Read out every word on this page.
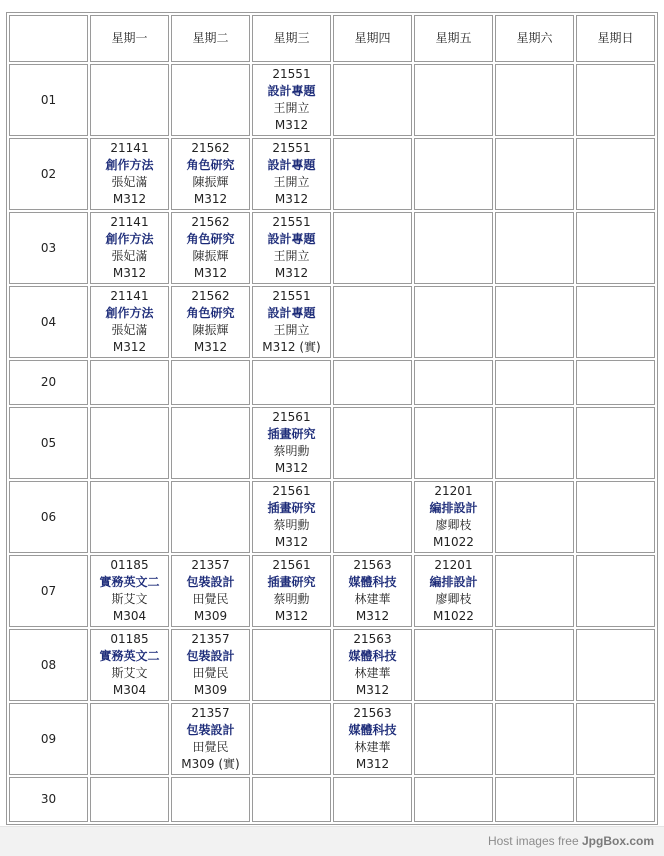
	星期一	星期二	星期三	星期四	星期五	星期六	星期日
01			21551
設計專題
王開立
M312				

02	21141
創作方法
張妃滿
M312	21562
角色研究
陳振輝
M312	21551
設計專題
王開立
M312				

03	21141
創作方法
張妃滿
M312	21562
角色研究
陳振輝
M312	21551
設計專題
王開立
M312				

04	21141
創作方法
張妃滿
M312	21562
角色研究
陳振輝
M312	21551
設計專題
王開立
M312 (實)				

20							
05			21561
插畫研究
蔡明勳
M312				

06			21561
插畫研究
蔡明勳
M312		21201
編排設計
廖卿枝
M1022		

07	01185
實務英文二
斯艾文
M304	21357
包裝設計
田覺民
M309	21561
插畫研究
蔡明勳
M312	21563
媒體科技
林建華
M312	21201
編排設計
廖卿枝
M1022		

08	01185
實務英文二
斯艾文
M304	21357
包裝設計
田覺民
M309		21563
媒體科技
林建華
M312			

09		21357
包裝設計
田覺民
M309 (實)		21563
媒體科技
林建華
M312			

30							
Host images free JpgBox.com
